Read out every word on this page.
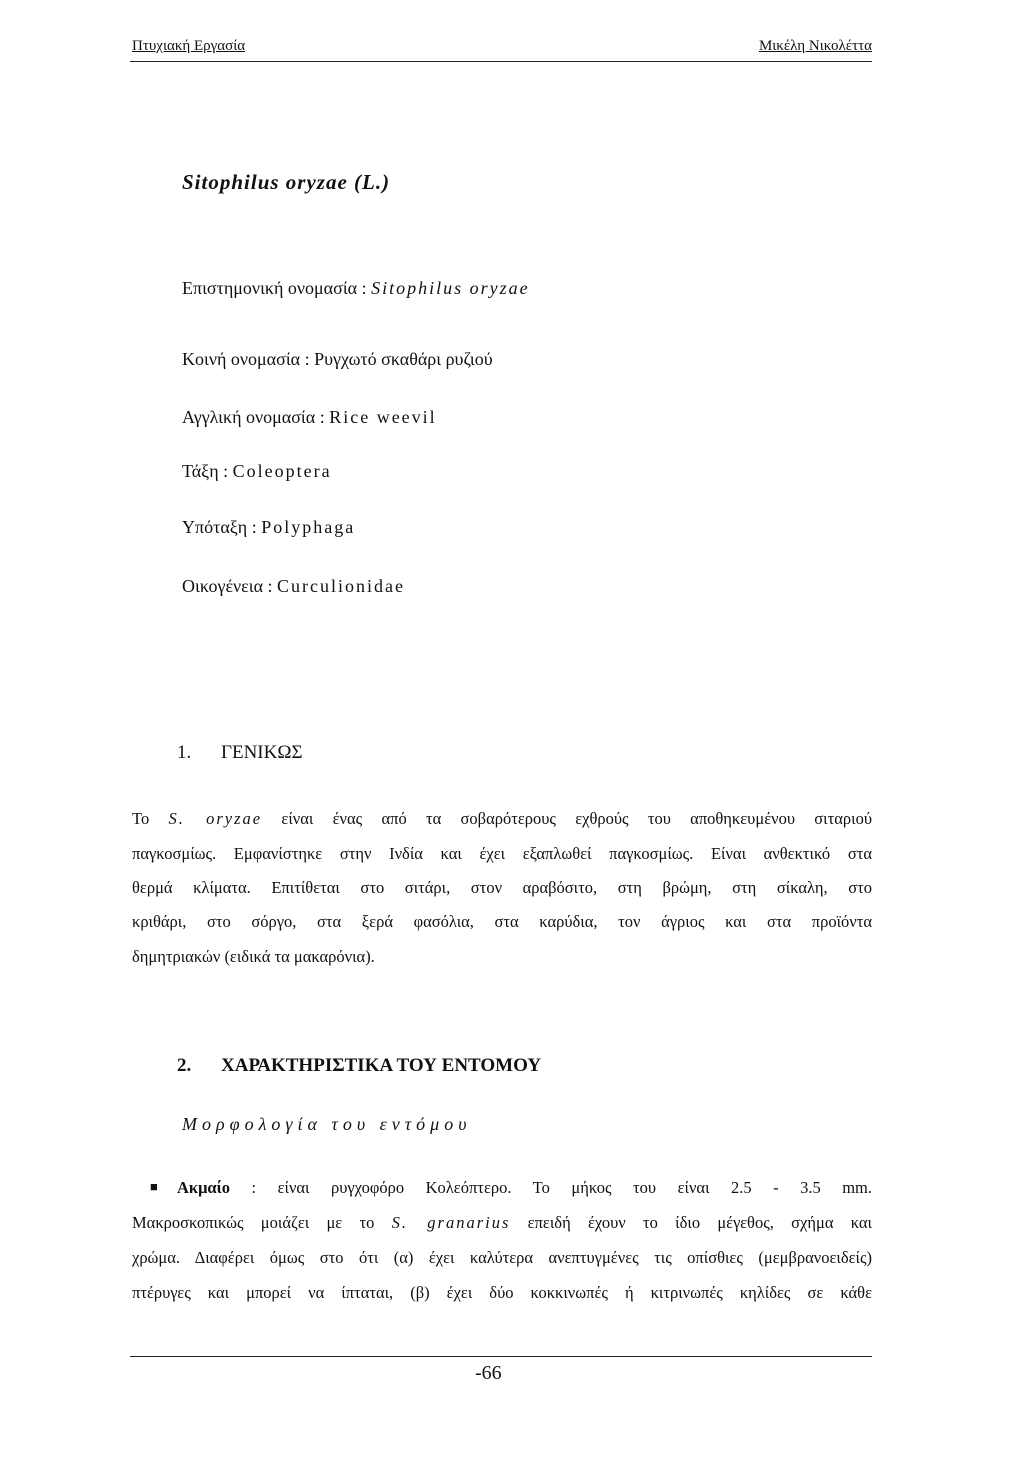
Πτυχιακή Εργασία	Μικέλη Νικολέττα
Sitophilus oryzae (L.)
Επιστημονική ονομασία : Sitophilus oryzae
Κοινή ονομασία : Ρυγχωτό σκαθάρι ρυζιού
Αγγλική ονομασία : Rice weevil
Τάξη : Coleoptera
Υπόταξη : Polyphaga
Οικογένεια : Curculionidae
1. ΓΕΝΙΚΩΣ
Το S. oryzae είναι ένας από τα σοβαρότερους εχθρούς του αποθηκευμένου σιταριού
παγκοσμίως. Εμφανίστηκε στην Ινδία και έχει εξαπλωθεί παγκοσμίως. Είναι ανθεκτικό στα
θερμά κλίματα. Επιτίθεται στο σιτάρι, στον αραβόσιτο, στη βρώμη, στη σίκαλη, στο
κριθάρι, στο σόργο, στα ξερά φασόλια, στα καρύδια, τον άγριος και στα προϊόντα
δημητριακών (ειδικά τα μακαρόνια).
2. ΧΑΡΑΚΤΗΡΙΣΤΙΚΑ ΤΟΥ ΕΝΤΟΜΟΥ
Μορφολογία του εντόμου
■ Ακμαίο : είναι ρυγχοφόρο Κολεόπτερο. Το μήκος του είναι 2.5 - 3.5 mm.
Μακροσκοπικώς μοιάζει με το S. granarius επειδή έχουν το ίδιο μέγεθος, σχήμα και
χρώμα. Διαφέρει όμως στο ότι (α) έχει καλύτερα ανεπτυγμένες τις οπίσθιες (μεμβρανοειδείς)
πτέρυγες και μπορεί να ίπταται, (β) έχει δύο κοκκινωπές ή κιτρινωπές κηλίδες σε κάθε
-66
